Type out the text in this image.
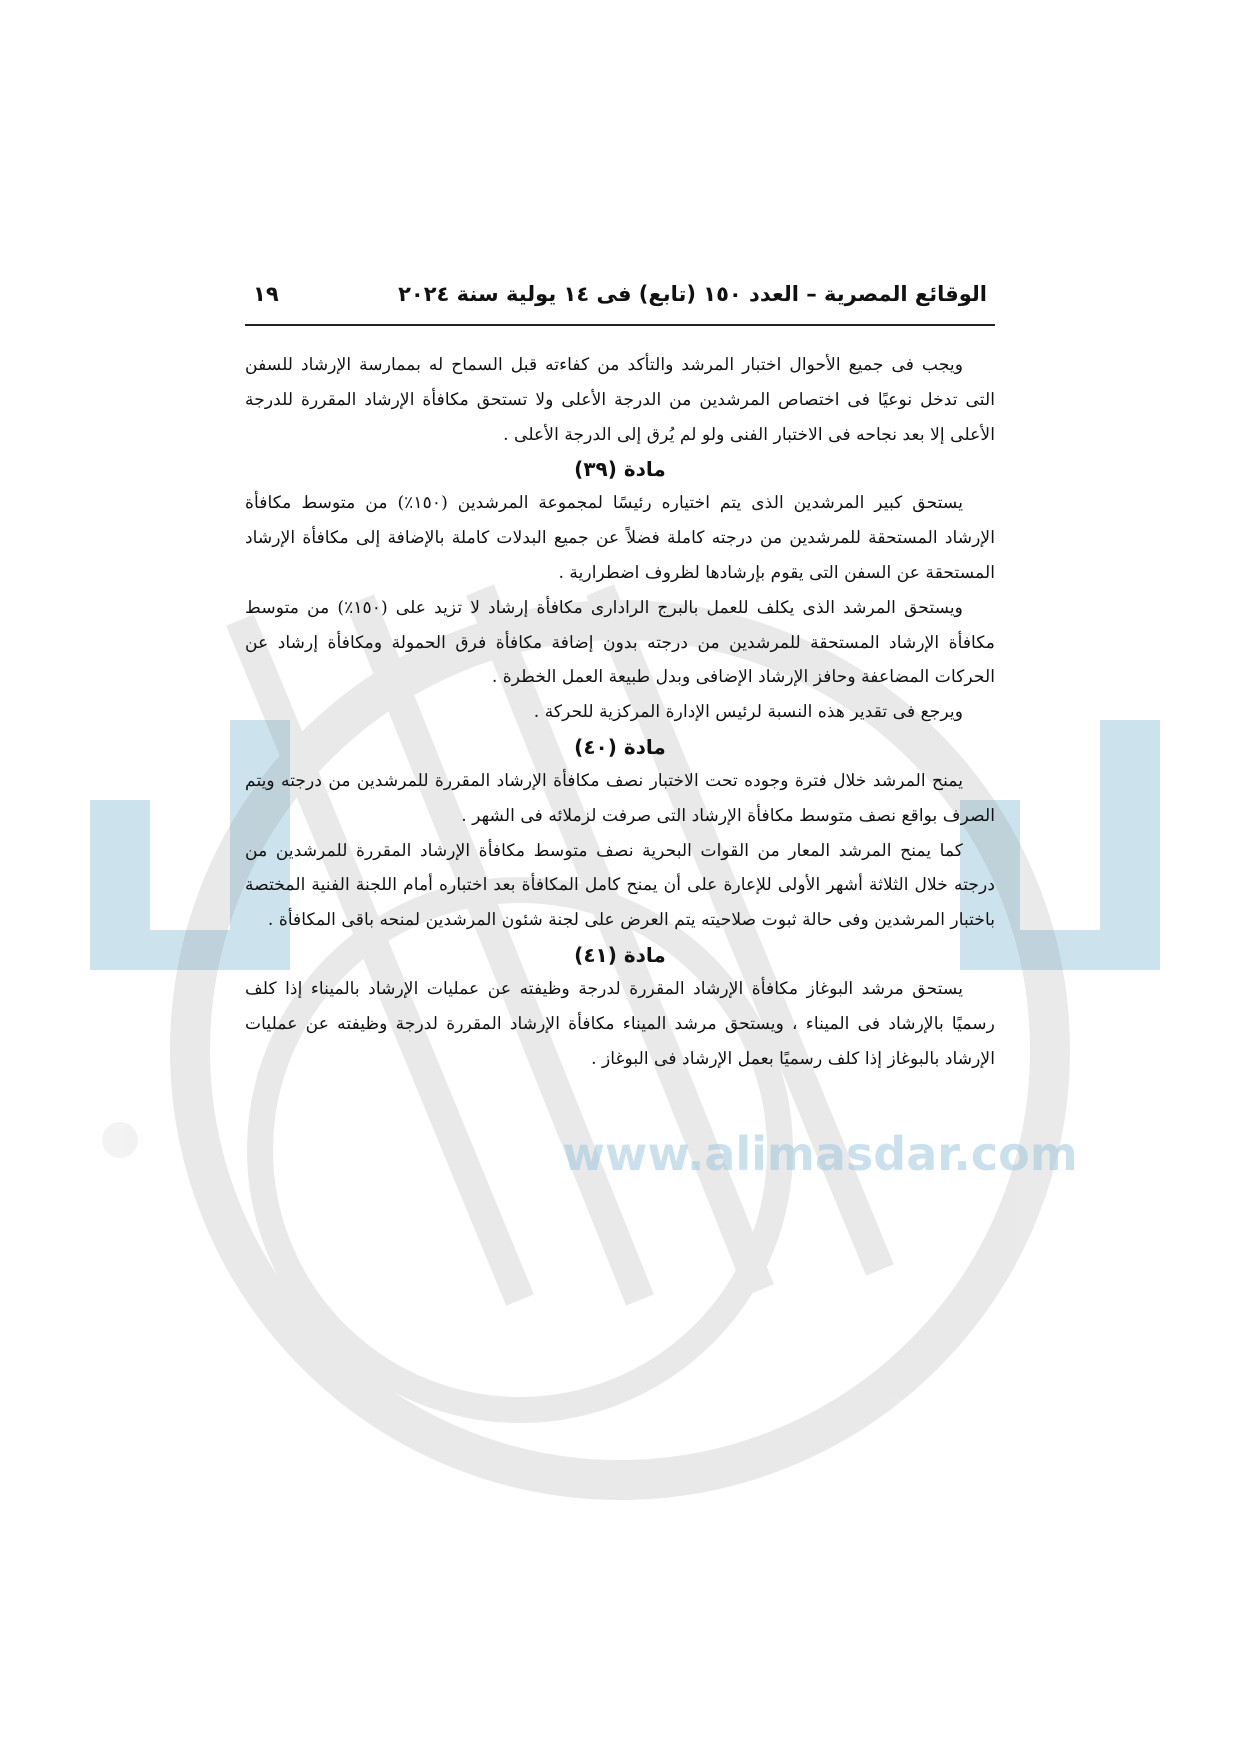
www.alimasdar.com
الوقائع المصرية – العدد ١٥٠ (تابع) فى ١٤ يولية سنة ٢٠٢٤
١٩

ويجب فى جميع الأحوال اختبار المرشد والتأكد من كفاءته قبل السماح له بممارسة الإرشاد للسفن التى تدخل نوعيًا فى اختصاص المرشدين من الدرجة الأعلى ولا تستحق مكافأة الإرشاد المقررة للدرجة الأعلى إلا بعد نجاحه فى الاختبار الفنى ولو لم يُرق إلى الدرجة الأعلى .

مادة (٣٩)

يستحق كبير المرشدين الذى يتم اختياره رئيسًا لمجموعة المرشدين (١٥٠٪) من متوسط مكافأة الإرشاد المستحقة للمرشدين من درجته كاملة فضلاً عن جميع البدلات كاملة بالإضافة إلى مكافأة الإرشاد المستحقة عن السفن التى يقوم بإرشادها لظروف اضطرارية .

ويستحق المرشد الذى يكلف للعمل بالبرج الرادارى مكافأة إرشاد لا تزيد على (١٥٠٪) من متوسط مكافأة الإرشاد المستحقة للمرشدين من درجته بدون إضافة مكافأة فرق الحمولة ومكافأة إرشاد عن الحركات المضاعفة وحافز الإرشاد الإضافى وبدل طبيعة العمل الخطرة .

ويرجع فى تقدير هذه النسبة لرئيس الإدارة المركزية للحركة .

مادة (٤٠)

يمنح المرشد خلال فترة وجوده تحت الاختبار نصف مكافأة الإرشاد المقررة للمرشدين من درجته ويتم الصرف بواقع نصف متوسط مكافأة الإرشاد التى صرفت لزملائه فى الشهر .

كما يمنح المرشد المعار من القوات البحرية نصف متوسط مكافأة الإرشاد المقررة للمرشدين من درجته خلال الثلاثة أشهر الأولى للإعارة على أن يمنح كامل المكافأة بعد اختباره أمام اللجنة الفنية المختصة باختبار المرشدين وفى حالة ثبوت صلاحيته يتم العرض على لجنة شئون المرشدين لمنحه باقى المكافأة .

مادة (٤١)

يستحق مرشد البوغاز مكافأة الإرشاد المقررة لدرجة وظيفته عن عمليات الإرشاد بالميناء إذا كلف رسميًا بالإرشاد فى الميناء ، ويستحق مرشد الميناء مكافأة الإرشاد المقررة لدرجة وظيفته عن عمليات الإرشاد بالبوغاز إذا كلف رسميًا بعمل الإرشاد فى البوغاز .
